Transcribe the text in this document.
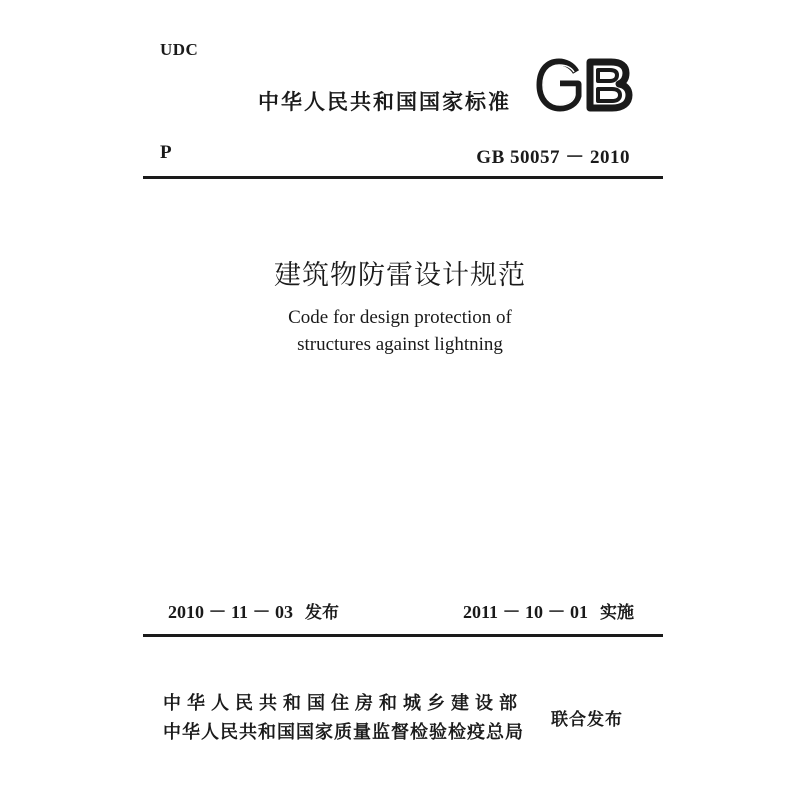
UDC
中华人民共和国国家标准
P	GB 50057 － 2010
建筑物防雷设计规范
Code for design protection of
structures against lightning
2010 － 11 － 03 发布	2011 － 10 － 01 实施
中华人民共和国住房和城乡建设部
中华人民共和国国家质量监督检验检疫总局
联合发布
